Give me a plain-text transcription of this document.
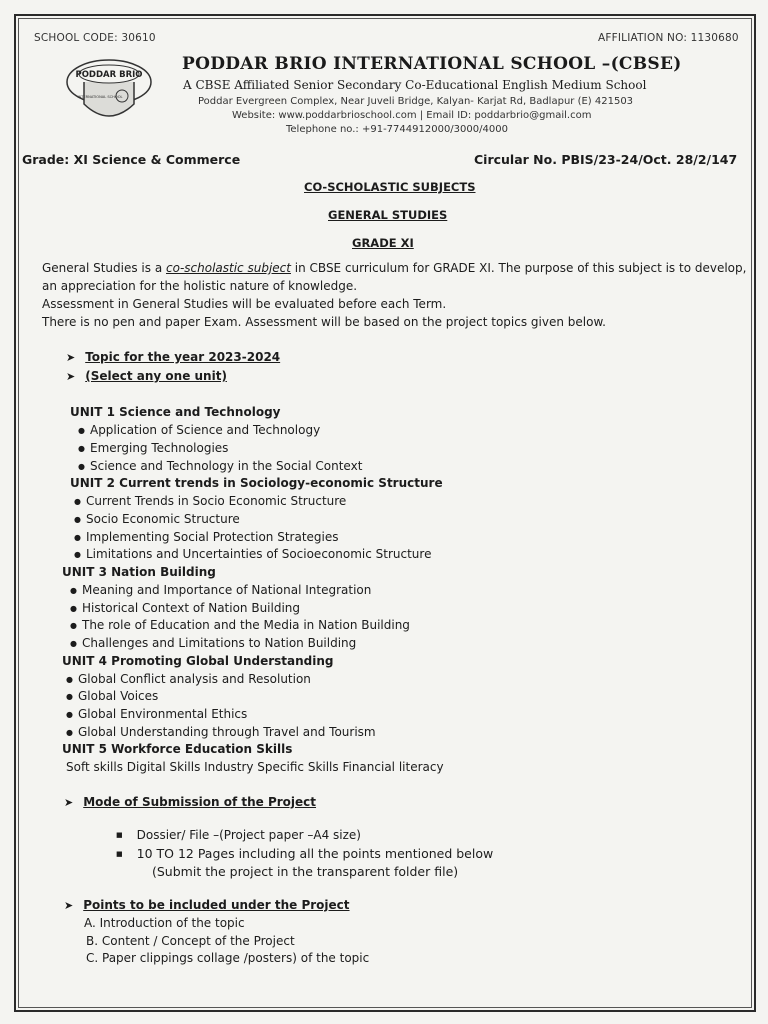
SCHOOL CODE: 30610	AFFILIATION NO: 1130680
PODDAR BRIO
INTERNATIONAL SCHOOL
PODDAR BRIO INTERNATIONAL SCHOOL –(CBSE)
A CBSE Affiliated Senior Secondary Co-Educational English Medium School
Poddar Evergreen Complex, Near Juveli Bridge, Kalyan- Karjat Rd, Badlapur (E) 421503
Website: www.poddarbrioschool.com | Email ID: poddarbrio@gmail.com
Telephone no.: +91-7744912000/3000/4000
Grade: XI Science & Commerce	Circular No. PBIS/23-24/Oct. 28/2/147
CO-SCHOLASTIC SUBJECTS
GENERAL STUDIES
GRADE XI
General Studies is a co-scholastic subject in CBSE curriculum for GRADE XI. The purpose of this subject is to develop,
an appreciation for the holistic nature of knowledge.
Assessment in General Studies will be evaluated before each Term.
There is no pen and paper Exam. Assessment will be based on the project topics given below.
➤ Topic for the year 2023-2024
➤ (Select any one unit)
UNIT 1 Science and Technology
● Application of Science and Technology
● Emerging Technologies
● Science and Technology in the Social Context
UNIT 2 Current trends in Sociology-economic Structure
● Current Trends in Socio Economic Structure
● Socio Economic Structure
● Implementing Social Protection Strategies
● Limitations and Uncertainties of Socioeconomic Structure
UNIT 3 Nation Building
● Meaning and Importance of National Integration
● Historical Context of Nation Building
● The role of Education and the Media in Nation Building
● Challenges and Limitations to Nation Building
UNIT 4 Promoting Global Understanding
● Global Conflict analysis and Resolution
● Global Voices
● Global Environmental Ethics
● Global Understanding through Travel and Tourism
UNIT 5 Workforce Education Skills
Soft skills Digital Skills Industry Specific Skills Financial literacy
➤ Mode of Submission of the Project
■ Dossier/ File –(Project paper –A4 size)
■ 10 TO 12 Pages including all the points mentioned below
(Submit the project in the transparent folder file)
➤ Points to be included under the Project
A. Introduction of the topic
B. Content / Concept of the Project
C. Paper clippings collage /posters) of the topic
